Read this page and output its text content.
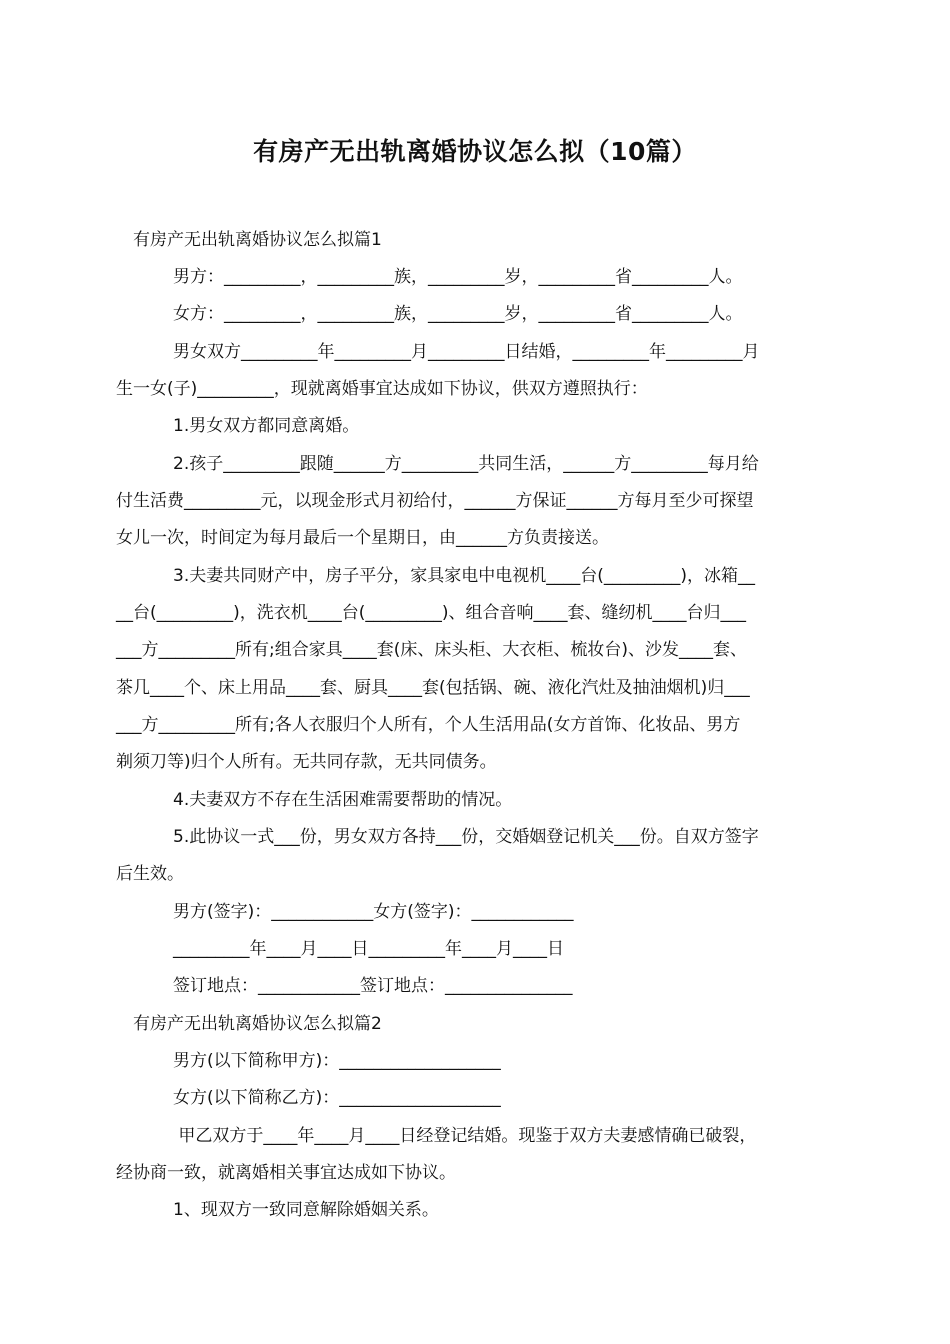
有房产无出轨离婚协议怎么拟（10篇）
有房产无出轨离婚协议怎么拟篇1
男方：_________，_________族，_________岁，_________省_________人。
女方：_________，_________族，_________岁，_________省_________人。
男女双方_________年_________月_________日结婚，_________年_________月
生一女(子)_________，现就离婚事宜达成如下协议，供双方遵照执行：
1.男女双方都同意离婚。
2.孩子_________跟随______方_________共同生活，______方_________每月给
付生活费_________元，以现金形式月初给付，______方保证______方每月至少可探望
女儿一次，时间定为每月最后一个星期日，由______方负责接送。
3.夫妻共同财产中，房子平分，家具家电中电视机____台(_________)，冰箱__
__台(_________)，洗衣机____台(_________)、组合音响____套、缝纫机____台归___
___方_________所有;组合家具____套(床、床头柜、大衣柜、梳妆台)、沙发____套、
茶几____个、床上用品____套、厨具____套(包括锅、碗、液化汽灶及抽油烟机)归___
___方_________所有;各人衣服归个人所有，个人生活用品(女方首饰、化妆品、男方
剃须刀等)归个人所有。无共同存款，无共同债务。
4.夫妻双方不存在生活困难需要帮助的情况。
5.此协议一式___份，男女双方各持___份，交婚姻登记机关___份。自双方签字
后生效。
男方(签字)：____________女方(签字)：____________
_________年____月____日_________年____月____日
签订地点：____________签订地点：_______________
有房产无出轨离婚协议怎么拟篇2
男方(以下简称甲方)：___________________
女方(以下简称乙方)：___________________
甲乙双方于____年____月____日经登记结婚。现鉴于双方夫妻感情确已破裂，
经协商一致，就离婚相关事宜达成如下协议。
1、现双方一致同意解除婚姻关系。
